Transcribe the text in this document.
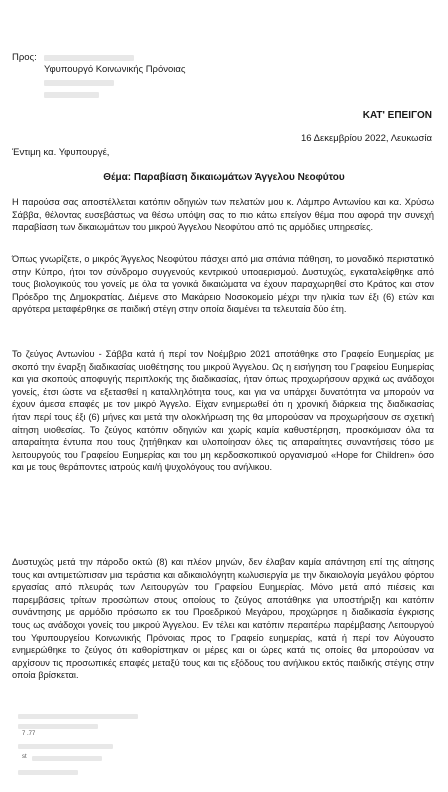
Προς:
Υφυπουργό Κοινωνικής Πρόνοιας
ΚΑΤ' ΕΠΕΙΓΟΝ
16 Δεκεμβρίου 2022, Λευκωσία
Έντιμη κα. Υφυπουργέ,
Θέμα: Παραβίαση δικαιωμάτων Άγγελου Νεοφύτου

Η παρούσα σας αποστέλλεται κατόπιν οδηγιών των πελατών μου κ. Λάμπρο Αντωνίου και κα. Χρύσω Σάββα, θέλοντας ευσεβάστως να θέσω υπόψη σας το πιο κάτω επείγον θέμα που αφορά την συνεχή παραβίαση των δικαιωμάτων του μικρού Άγγελου Νεοφύτου από τις αρμόδιες υπηρεσίες.

Όπως γνωρίζετε, ο μικρός Άγγελος Νεοφύτου πάσχει από μια σπάνια πάθηση, το μοναδικό περιστατικό στην Κύπρο, ήτοι τον σύνδρομο συγγενούς κεντρικού υποαερισμού. Δυστυχώς, εγκαταλείφθηκε από τους βιολογικούς του γονείς με όλα τα γονικά δικαιώματα να έχουν παραχωρηθεί στο Κράτος και στον Πρόεδρο της Δημοκρατίας. Διέμενε στο Μακάρειο Νοσοκομείο μέχρι την ηλικία των έξι (6) ετών και αργότερα μεταφέρθηκε σε παιδική στέγη στην οποία διαμένει τα τελευταία δύο έτη.

Το ζεύγος Αντωνίου - Σάββα κατά ή περί τον Νοέμβριο 2021 αποτάθηκε στο Γραφείο Ευημερίας με σκοπό την έναρξη διαδικασίας υιοθέτησης του μικρού Άγγελου. Ως η εισήγηση του Γραφείου Ευημερίας και για σκοπούς αποφυγής περιπλοκής της διαδικασίας, ήταν όπως προχωρήσουν αρχικά ως ανάδοχοι γονείς, έτσι ώστε να εξετασθεί η καταλληλότητα τους, και για να υπάρχει δυνατότητα να μπορούν να έχουν άμεσα επαφές με τον μικρό Άγγελο. Είχαν ενημερωθεί ότι η χρονική διάρκεια της διαδικασίας ήταν περί τους έξι (6) μήνες και μετά την ολοκλήρωση της θα μπορούσαν να προχωρήσουν σε σχετική αίτηση υιοθεσίας. Το ζεύγος κατόπιν οδηγιών και χωρίς καμία καθυστέρηση, προσκόμισαν όλα τα απαραίτητα έντυπα που τους ζητήθηκαν και υλοποίησαν όλες τις απαραίτητες συναντήσεις τόσο με λειτουργούς του Γραφείου Ευημερίας και του μη κερδοσκοπικού οργανισμού «Hope for Children» όσο και με τους θεράποντες ιατρούς και/ή ψυχολόγους του ανήλικου.

Δυστυχώς μετά την πάροδο οκτώ (8) και πλέον μηνών, δεν έλαβαν καμία απάντηση επί της αίτησης τους και αντιμετώπισαν μια τεράστια και αδικαιολόγητη κωλυσιεργία με την δικαιολογία μεγάλου φόρτου εργασίας από πλευράς των Λειτουργών του Γραφείου Ευημερίας. Μόνο μετά από πιέσεις και παρεμβάσεις τρίτων προσώπων στους οποίους το ζεύγος αποτάθηκε για υποστήριξη και κατόπιν συνάντησης με αρμόδιο πρόσωπο εκ του Προεδρικού Μεγάρου, προχώρησε η διαδικασία έγκρισης τους ως ανάδοχοι γονείς του μικρού Άγγελου. Εν τέλει και κατόπιν περαιτέρω παρέμβασης Λειτουργού του Υφυπουργείου Κοινωνικής Πρόνοιας προς το Γραφείο ευημερίας, κατά ή περί τον Αύγουστο ενημερώθηκε το ζεύγος ότι καθορίστηκαν οι μέρες και οι ώρες κατά τις οποίες θα μπορούσαν να αρχίσουν τις προσωπικές επαφές μεταξύ τους και τις εξόδους του ανήλικου εκτός παιδικής στέγης στην οποία βρίσκεται.

7 .77
st
